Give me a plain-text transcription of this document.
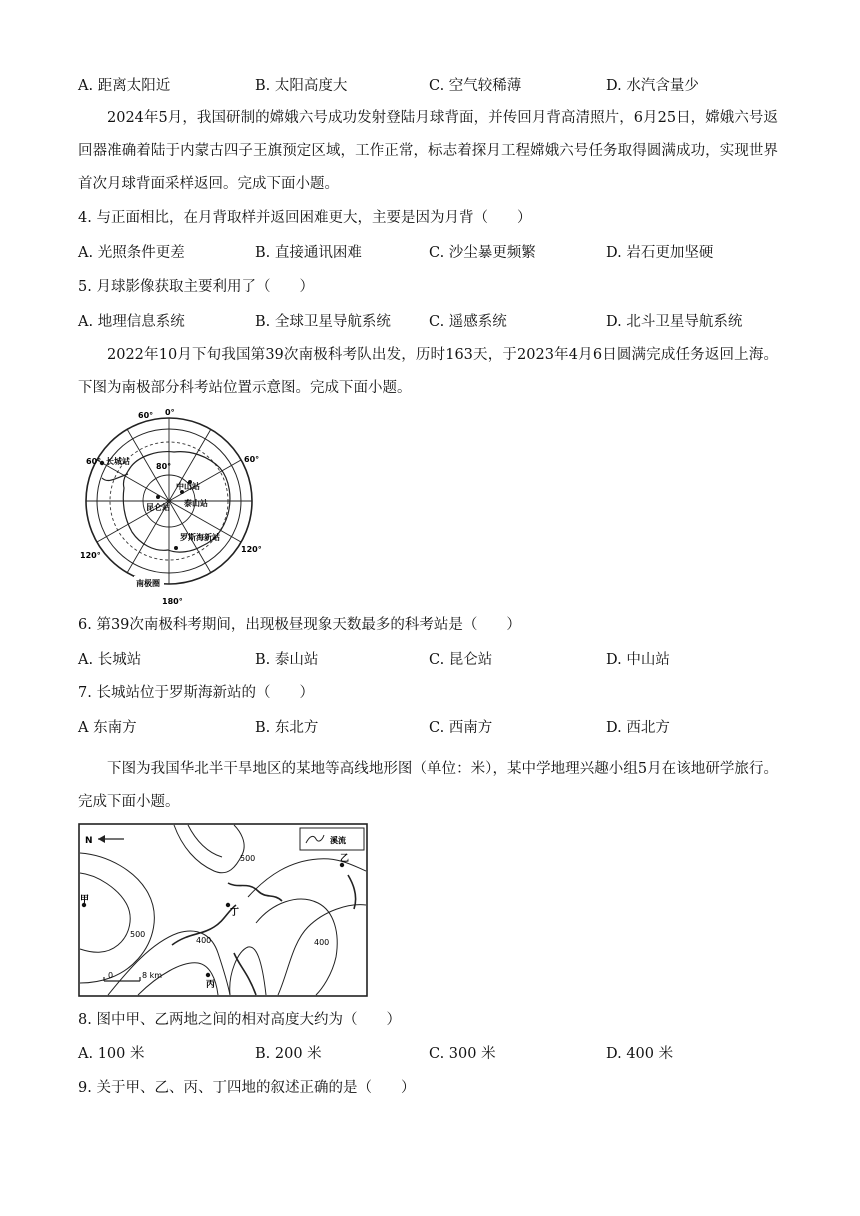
A. 距离太阳近	B. 太阳高度大	C. 空气较稀薄	D. 水汽含量少
2024年5月，我国研制的嫦娥六号成功发射登陆月球背面，并传回月背高清照片，6月25日，嫦娥六号返回器准确着陆于内蒙古四子王旗预定区域，工作正常，标志着探月工程嫦娥六号任务取得圆满成功，实现世界首次月球背面采样返回。完成下面小题。
4. 与正面相比，在月背取样并返回困难更大，主要是因为月背（　　）
A. 光照条件更差	B. 直接通讯困难	C. 沙尘暴更频繁	D. 岩石更加坚硬
5. 月球影像获取主要利用了（　　）
A. 地理信息系统	B. 全球卫星导航系统	C. 遥感系统	D. 北斗卫星导航系统
2022年10月下旬我国第39次南极科考队出发，历时163天，于2023年4月6日圆满完成任务返回上海。下图为南极部分科考站位置示意图。完成下面小题。
60° 0°
60°
120°
180°
120°
80°
60° 长城站
昆仑站
中山站
泰山站
罗斯海新站
南极圈
6. 第39次南极科考期间，出现极昼现象天数最多的科考站是（　　）
A. 长城站	B. 泰山站	C. 昆仑站	D. 中山站
7. 长城站位于罗斯海新站的（　　）
A 东南方	B. 东北方	C. 西南方	D. 西北方
下图为我国华北半干旱地区的某地等高线地形图（单位：米），某中学地理兴趣小组5月在该地研学旅行。完成下面小题。
N	溪流
甲
乙
丙
丁
500
500
400	400
0	8 km
8. 图中甲、乙两地之间的相对高度大约为（　　）
A. 100 米	B. 200 米	C. 300 米	D. 400 米
9. 关于甲、乙、丙、丁四地的叙述正确的是（　　）
